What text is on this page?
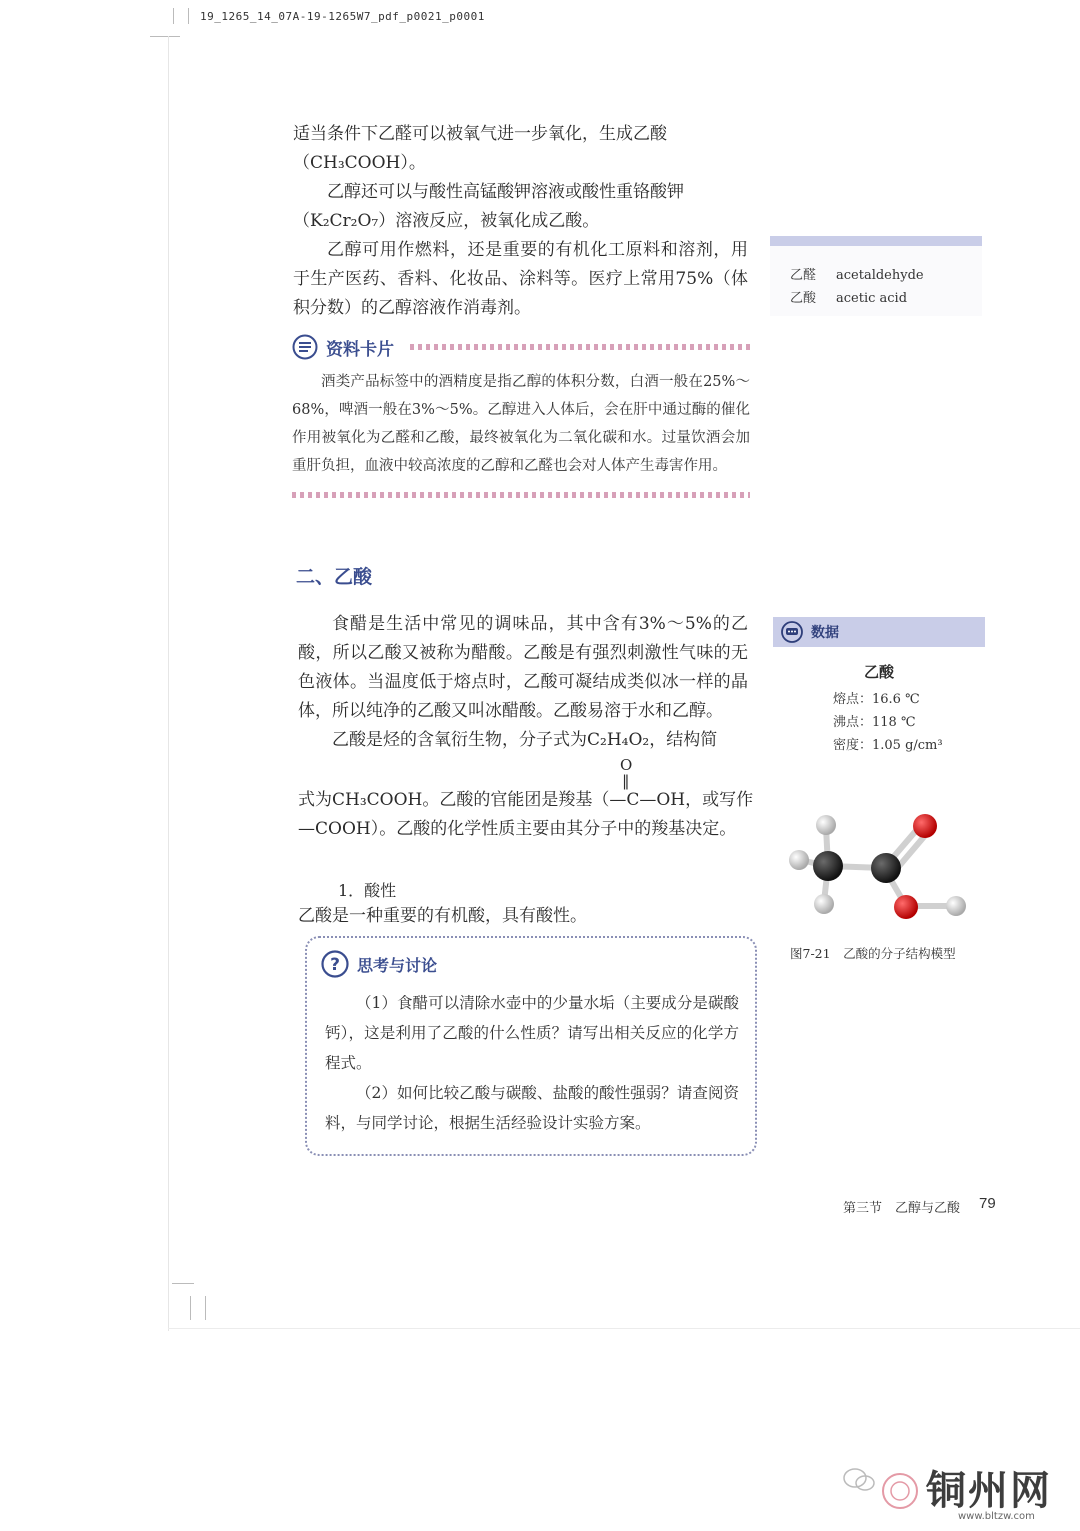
19_1265_14_07A-19-1265W7_pdf_p0021_p0001

适当条件下乙醛可以被氧气进一步氧化，生成乙酸

（CH₃COOH）。

乙醇还可以与酸性高锰酸钾溶液或酸性重铬酸钾

（K₂Cr₂O₇）溶液反应，被氧化成乙酸。

乙醇可用作燃料，还是重要的有机化工原料和溶剂，用于生产医药、香料、化妆品、涂料等。医疗上常用75%（体积分数）的乙醇溶液作消毒剂。

乙醛 acetaldehyde
乙酸 acetic acid
资料卡片

酒类产品标签中的酒精度是指乙醇的体积分数，白酒一般在25%～68%，啤酒一般在3%～5%。乙醇进入人体后，会在肝中通过酶的催化作用被氧化为乙醛和乙酸，最终被氧化为二氧化碳和水。过量饮酒会加重肝负担，血液中较高浓度的乙醇和乙醛也会对人体产生毒害作用。

二、乙酸

食醋是生活中常见的调味品，其中含有3%～5%的乙酸，所以乙酸又被称为醋酸。乙酸是有强烈刺激性气味的无色液体。当温度低于熔点时，乙酸可凝结成类似冰一样的晶体，所以纯净的乙酸又叫冰醋酸。乙酸易溶于水和乙醇。

乙酸是烃的含氧衍生物，分子式为C₂H₄O₂，结构简

O
‖

式为CH₃COOH。乙酸的官能团是羧基（—C—OH，或写作

—COOH）。乙酸的化学性质主要由其分子中的羧基决定。

1．酸性
乙酸是一种重要的有机酸，具有酸性。
数据
乙酸
熔点：16.6 ℃
沸点：118 ℃
密度：1.05 g/cm³
图7-21　乙酸的分子结构模型
? 思考与讨论

（1）食醋可以清除水壶中的少量水垢（主要成分是碳酸钙），这是利用了乙酸的什么性质？请写出相关反应的化学方程式。

（2）如何比较乙酸与碳酸、盐酸的酸性强弱？请查阅资料，与同学讨论，根据生活经验设计实验方案。

第三节　乙醇与乙酸 79
铜州网
www.bltzw.com
